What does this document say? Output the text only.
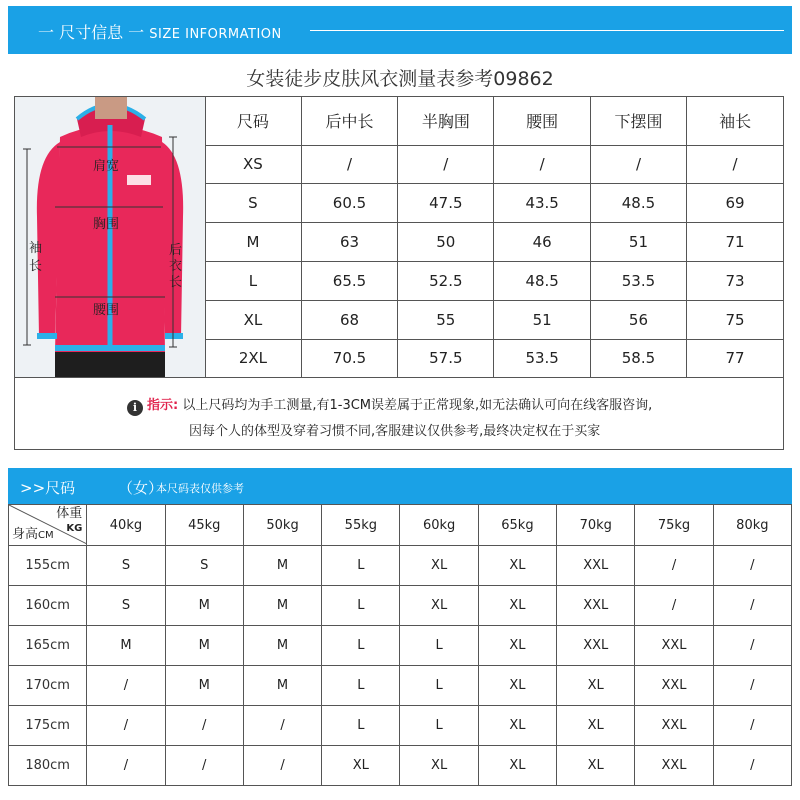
一 尺寸信息 一 SIZE INFORMATION
女装徒步皮肤风衣测量表参考09862
肩宽
胸围
袖
长
后
衣
长
腰围
尺码	后中长	半胸围	腰围	下摆围	袖长
XS	/	/	/	/	/
S	60.5	47.5	43.5	48.5	69
M	63	50	46	51	71
L	65.5	52.5	48.5	53.5	73
XL	68	55	51	56	75
2XL	70.5	57.5	53.5	58.5	77
i 指示: 以上尺码均为手工测量,有1-3CM误差属于正常现象,如无法确认可向在线客服咨询,
因每个人的体型及穿着习惯不同,客服建议仅供参考,最终决定权在于买家
>>尺码	（女）
本尺码表仅供参考
体重
KG
身高CM	40kg	45kg	50kg	55kg	60kg	65kg	70kg	75kg	80kg
155cm	S	S	M	L	XL	XL	XXL	/	/
160cm	S	M	M	L	XL	XL	XXL	/	/
165cm	M	M	M	L	L	XL	XXL	XXL	/
170cm	/	M	M	L	L	XL	XL	XXL	/
175cm	/	/	/	L	L	XL	XL	XXL	/
180cm	/	/	/	XL	XL	XL	XL	XXL	/
